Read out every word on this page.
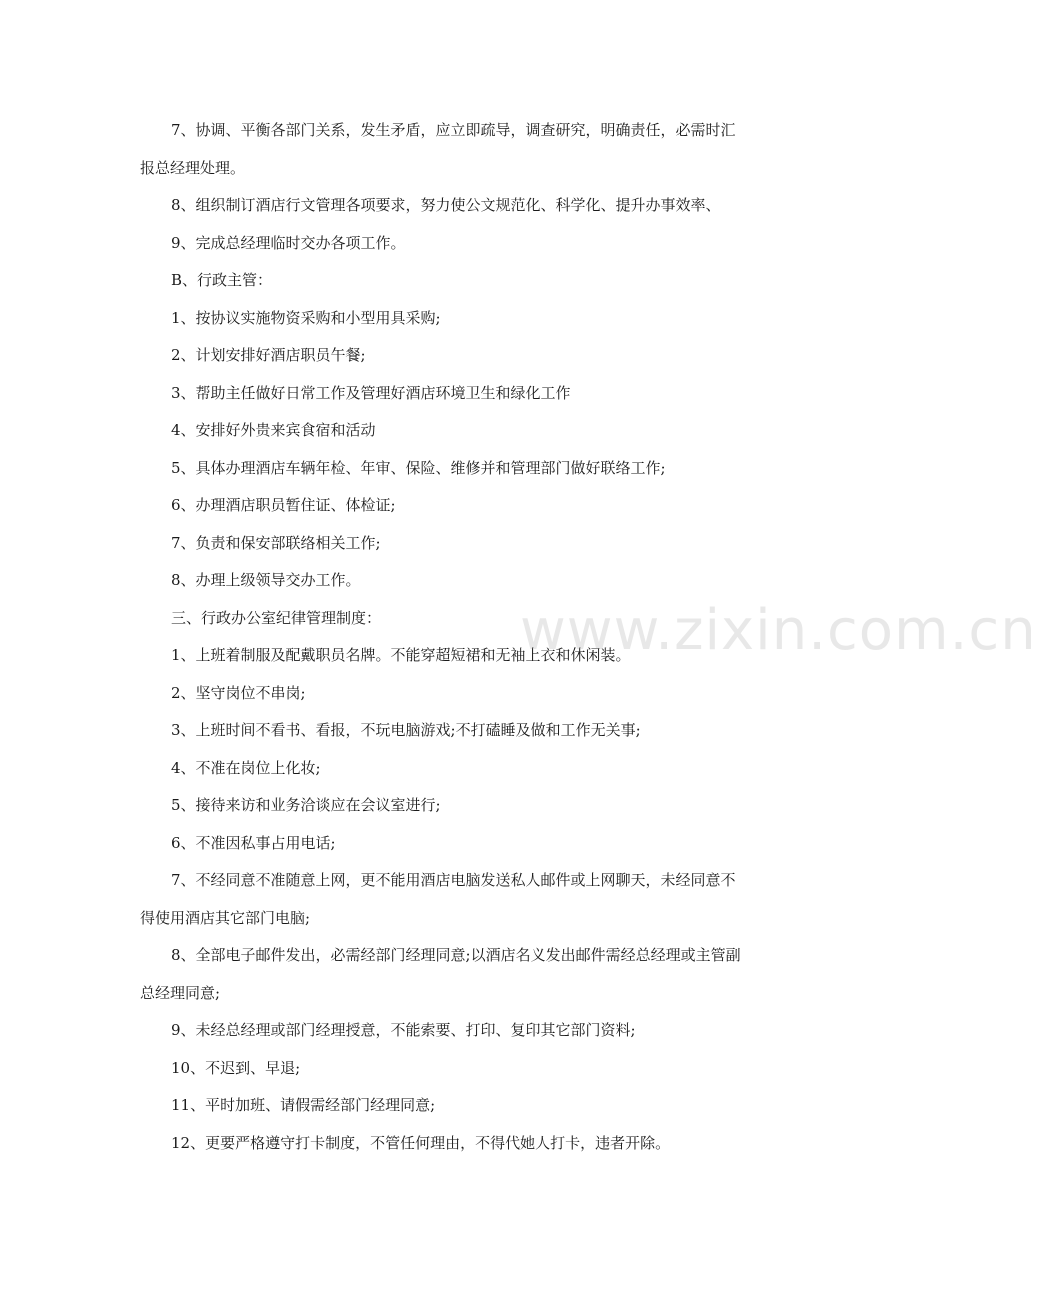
7、协调、平衡各部门关系，发生矛盾，应立即疏导，调查研究，明确责任，必需时汇

报总经理处理。

8、组织制订酒店行文管理各项要求，努力使公文规范化、科学化、提升办事效率、

9、完成总经理临时交办各项工作。

B、行政主管：

1、按协议实施物资采购和小型用具采购;

2、计划安排好酒店职员午餐;

3、帮助主任做好日常工作及管理好酒店环境卫生和绿化工作

4、安排好外贵来宾食宿和活动

5、具体办理酒店车辆年检、年审、保险、维修并和管理部门做好联络工作;

6、办理酒店职员暂住证、体检证;

7、负责和保安部联络相关工作;

8、办理上级领导交办工作。

三、行政办公室纪律管理制度：

1、上班着制服及配戴职员名牌。不能穿超短裙和无袖上衣和休闲装。

2、坚守岗位不串岗;

3、上班时间不看书、看报，不玩电脑游戏;不打磕睡及做和工作无关事;

4、不准在岗位上化妆;

5、接待来访和业务洽谈应在会议室进行;

6、不准因私事占用电话;

7、不经同意不准随意上网，更不能用酒店电脑发送私人邮件或上网聊天，未经同意不

得使用酒店其它部门电脑;

8、全部电子邮件发出，必需经部门经理同意;以酒店名义发出邮件需经总经理或主管副

总经理同意;

9、未经总经理或部门经理授意，不能索要、打印、复印其它部门资料;

10、不迟到、早退;

11、平时加班、请假需经部门经理同意;

12、更要严格遵守打卡制度，不管任何理由，不得代她人打卡，违者开除。

www.zixin.com.cn
